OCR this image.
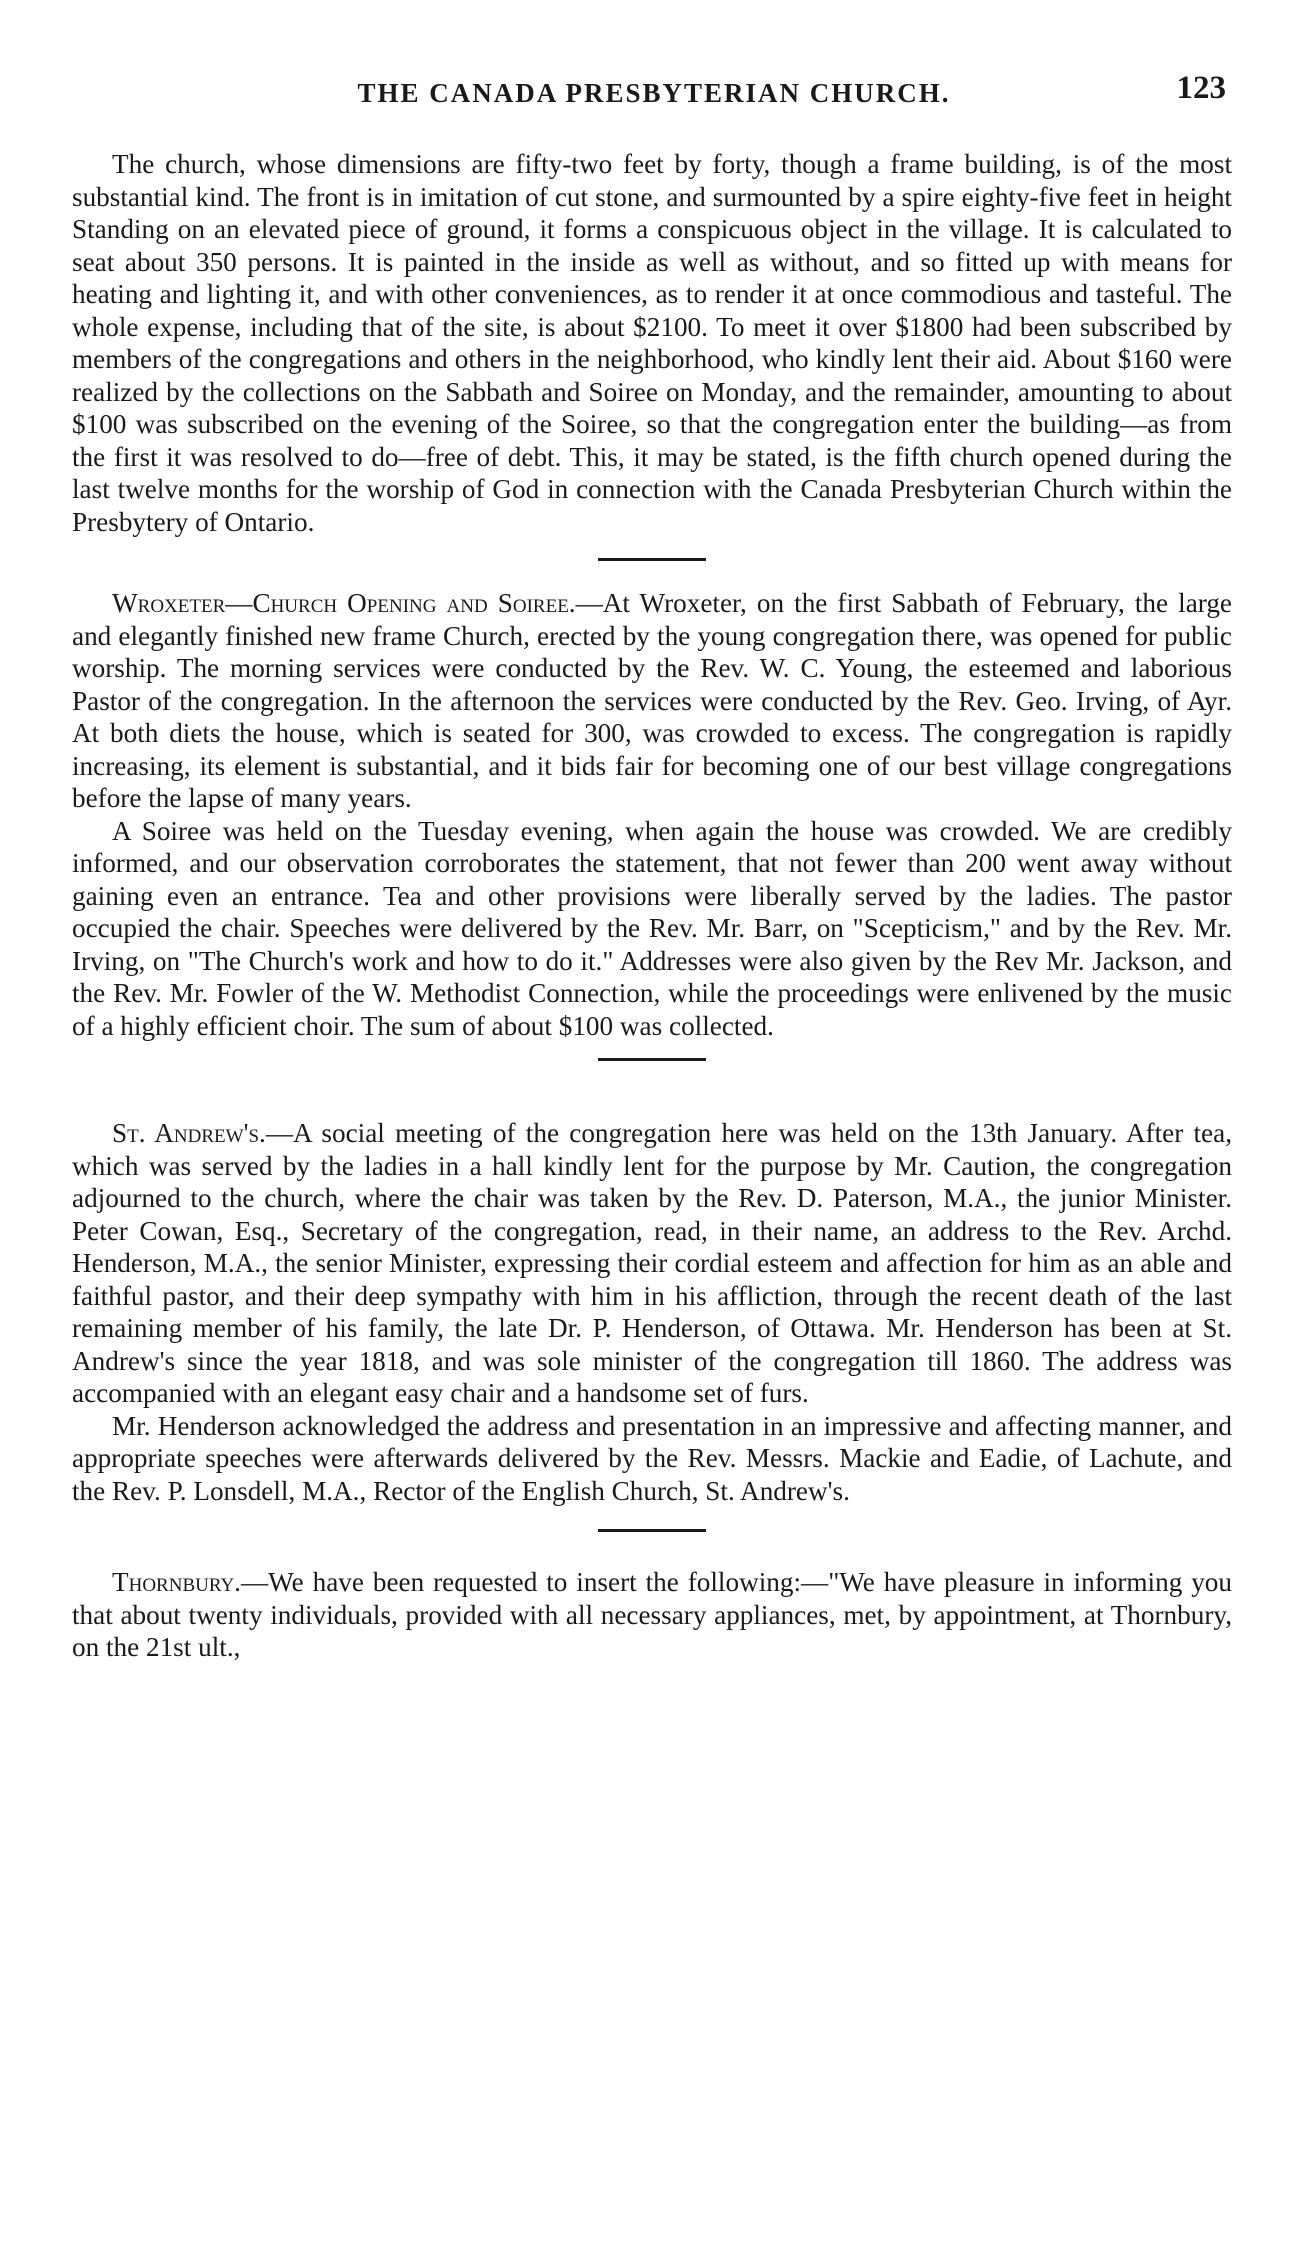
THE CANADA PRESBYTERIAN CHURCH.	123

The church, whose dimensions are fifty-two feet by forty, though a frame building, is of the most substantial kind. The front is in imitation of cut stone, and surmounted by a spire eighty-five feet in height Standing on an elevated piece of ground, it forms a conspicuous object in the village. It is calculated to seat about 350 persons. It is painted in the inside as well as without, and so fitted up with means for heating and lighting it, and with other conveniences, as to render it at once commodious and tasteful. The whole expense, including that of the site, is about $2100. To meet it over $1800 had been subscribed by members of the congregations and others in the neighborhood, who kindly lent their aid. About $160 were realized by the collections on the Sabbath and Soiree on Monday, and the remainder, amounting to about $100 was subscribed on the evening of the Soiree, so that the congregation enter the building—as from the first it was resolved to do—free of debt. This, it may be stated, is the fifth church opened during the last twelve months for the worship of God in connection with the Canada Presbyterian Church within the Presbytery of Ontario.

Wroxeter—Church Opening and Soiree.—At Wroxeter, on the first Sabbath of February, the large and elegantly finished new frame Church, erected by the young congregation there, was opened for public worship. The morning services were conducted by the Rev. W. C. Young, the esteemed and laborious Pastor of the congregation. In the afternoon the services were conducted by the Rev. Geo. Irving, of Ayr. At both diets the house, which is seated for 300, was crowded to excess. The congregation is rapidly increasing, its element is substantial, and it bids fair for becoming one of our best village congregations before the lapse of many years.

A Soiree was held on the Tuesday evening, when again the house was crowded. We are credibly informed, and our observation corroborates the statement, that not fewer than 200 went away without gaining even an entrance. Tea and other provisions were liberally served by the ladies. The pastor occupied the chair. Speeches were delivered by the Rev. Mr. Barr, on "Scepticism," and by the Rev. Mr. Irving, on "The Church's work and how to do it." Addresses were also given by the Rev Mr. Jackson, and the Rev. Mr. Fowler of the W. Methodist Connection, while the proceedings were enlivened by the music of a highly efficient choir. The sum of about $100 was collected.

St. Andrew's.—A social meeting of the congregation here was held on the 13th January. After tea, which was served by the ladies in a hall kindly lent for the purpose by Mr. Caution, the congregation adjourned to the church, where the chair was taken by the Rev. D. Paterson, M.A., the junior Minister. Peter Cowan, Esq., Secretary of the congregation, read, in their name, an address to the Rev. Archd. Henderson, M.A., the senior Minister, expressing their cordial esteem and affection for him as an able and faithful pastor, and their deep sympathy with him in his affliction, through the recent death of the last remaining member of his family, the late Dr. P. Henderson, of Ottawa. Mr. Henderson has been at St. Andrew's since the year 1818, and was sole minister of the congregation till 1860. The address was accompanied with an elegant easy chair and a handsome set of furs.

Mr. Henderson acknowledged the address and presentation in an impressive and affecting manner, and appropriate speeches were afterwards delivered by the Rev. Messrs. Mackie and Eadie, of Lachute, and the Rev. P. Lonsdell, M.A., Rector of the English Church, St. Andrew's.

Thornbury.—We have been requested to insert the following:—"We have pleasure in informing you that about twenty individuals, provided with all necessary appliances, met, by appointment, at Thornbury, on the 21st ult.,
